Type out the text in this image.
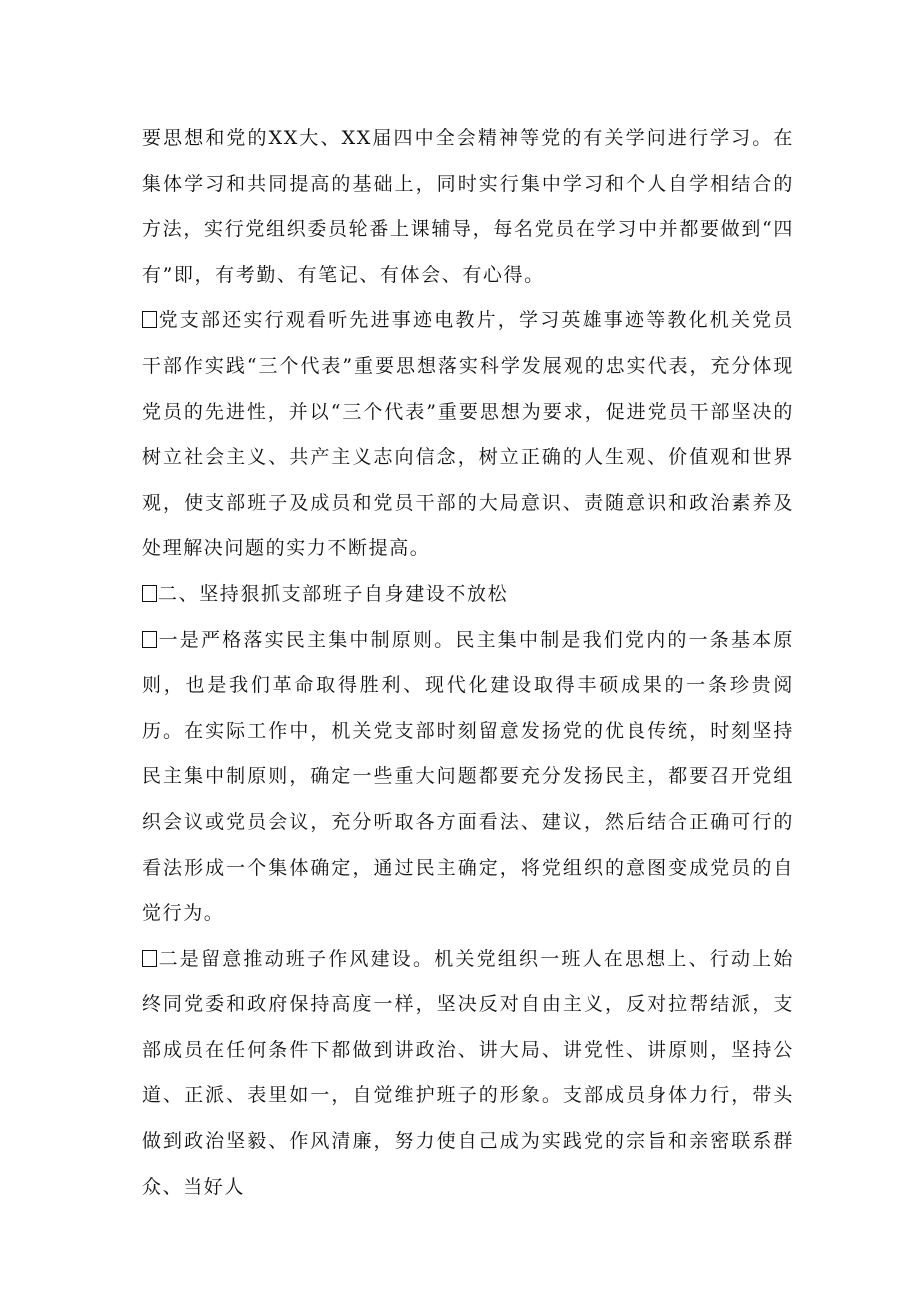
要思想和党的XX大、XX届四中全会精神等党的有关学问进行学习。在集体学习和共同提高的基础上，同时实行集中学习和个人自学相结合的方法，实行党组织委员轮番上课辅导，每名党员在学习中并都要做到“四有”即，有考勤、有笔记、有体会、有心得。

党支部还实行观看听先进事迹电教片，学习英雄事迹等教化机关党员干部作实践“三个代表”重要思想落实科学发展观的忠实代表，充分体现党员的先进性，并以“三个代表”重要思想为要求，促进党员干部坚决的树立社会主义、共产主义志向信念，树立正确的人生观、价值观和世界观，使支部班子及成员和党员干部的大局意识、责随意识和政治素养及处理解决问题的实力不断提高。

二、坚持狠抓支部班子自身建设不放松

一是严格落实民主集中制原则。民主集中制是我们党内的一条基本原则，也是我们革命取得胜利、现代化建设取得丰硕成果的一条珍贵阅历。在实际工作中，机关党支部时刻留意发扬党的优良传统，时刻坚持民主集中制原则，确定一些重大问题都要充分发扬民主，都要召开党组织会议或党员会议，充分听取各方面看法、建议，然后结合正确可行的看法形成一个集体确定，通过民主确定，将党组织的意图变成党员的自觉行为。

二是留意推动班子作风建设。机关党组织一班人在思想上、行动上始终同党委和政府保持高度一样，坚决反对自由主义，反对拉帮结派，支部成员在任何条件下都做到讲政治、讲大局、讲党性、讲原则，坚持公道、正派、表里如一，自觉维护班子的形象。支部成员身体力行，带头做到政治坚毅、作风清廉，努力使自己成为实践党的宗旨和亲密联系群众、当好人
